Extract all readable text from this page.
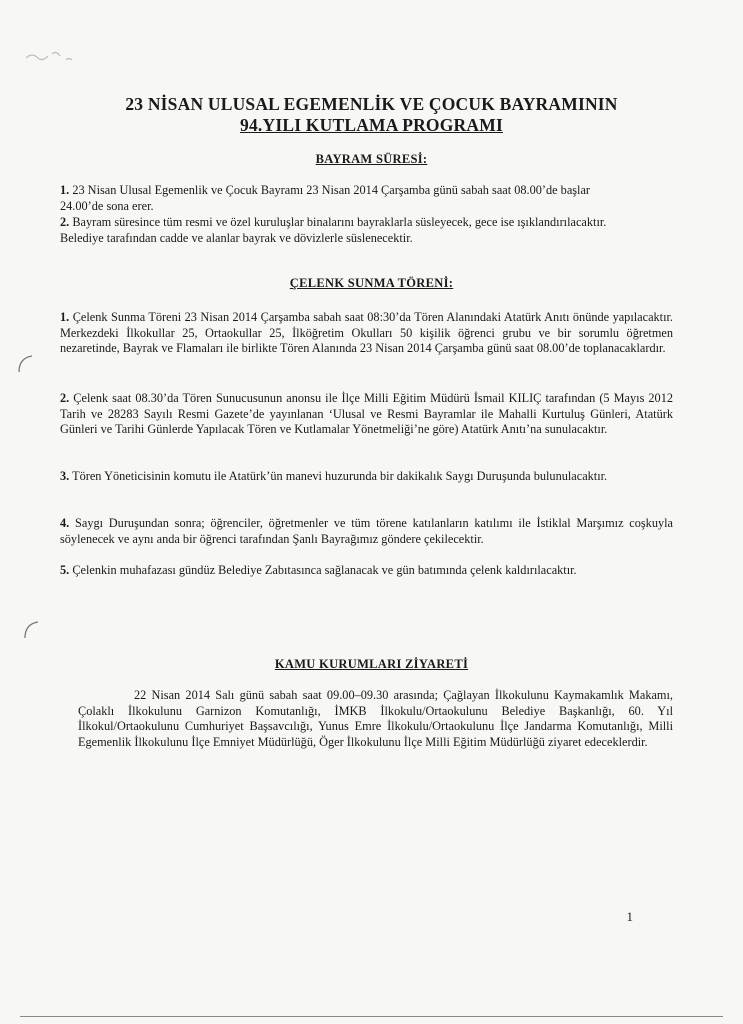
23 NİSAN ULUSAL EGEMENLİK VE ÇOCUK BAYRAMININ
94.YILI KUTLAMA PROGRAMI
BAYRAM SÜRESİ:
1. 23 Nisan Ulusal Egemenlik ve Çocuk Bayramı 23 Nisan 2014 Çarşamba günü sabah saat 08.00’de başlar 24.00’de sona erer.
2. Bayram süresince tüm resmi ve özel kuruluşlar binalarını bayraklarla süsleyecek, gece ise ışıklandırılacaktır. Belediye tarafından cadde ve alanlar bayrak ve dövizlerle süslenecektir.
ÇELENK SUNMA TÖRENİ:
1. Çelenk Sunma Töreni 23 Nisan 2014 Çarşamba sabah saat 08:30’da Tören Alanındaki Atatürk Anıtı önünde yapılacaktır. Merkezdeki İlkokullar 25, Ortaokullar 25, İlköğretim Okulları 50 kişilik öğrenci grubu ve bir sorumlu öğretmen nezaretinde, Bayrak ve Flamaları ile birlikte Tören Alanında 23 Nisan 2014 Çarşamba günü saat 08.00’de toplanacaklardır.
2. Çelenk saat 08.30’da Tören Sunucusunun anonsu ile İlçe Milli Eğitim Müdürü İsmail KILIÇ tarafından (5 Mayıs 2012 Tarih ve 28283 Sayılı Resmi Gazete’de yayınlanan ‘Ulusal ve Resmi Bayramlar ile Mahalli Kurtuluş Günleri, Atatürk Günleri ve Tarihi Günlerde Yapılacak Tören ve Kutlamalar Yönetmeliği’ne göre) Atatürk Anıtı’na sunulacaktır.
3. Tören Yöneticisinin komutu ile Atatürk’ün manevi huzurunda bir dakikalık Saygı Duruşunda bulunulacaktır.
4. Saygı Duruşundan sonra; öğrenciler, öğretmenler ve tüm törene katılanların katılımı ile İstiklal Marşımız coşkuyla söylenecek ve aynı anda bir öğrenci tarafından Şanlı Bayrağımız göndere çekilecektir.
5. Çelenkin muhafazası gündüz Belediye Zabıtasınca sağlanacak ve gün batımında çelenk kaldırılacaktır.
KAMU KURUMLARI ZİYARETİ
22 Nisan 2014 Salı günü sabah saat 09.00–09.30 arasında; Çağlayan İlkokulunu Kaymakamlık Makamı, Çolaklı İlkokulunu Garnizon Komutanlığı, İMKB İlkokulu/Ortaokulunu Belediye Başkanlığı, 60. Yıl İlkokul/Ortaokulunu Cumhuriyet Başsavcılığı, Yunus Emre İlkokulu/Ortaokulunu İlçe Jandarma Komutanlığı, Milli Egemenlik İlkokulunu İlçe Emniyet Müdürlüğü, Öger İlkokulunu İlçe Milli Eğitim Müdürlüğü ziyaret edeceklerdir.
1
